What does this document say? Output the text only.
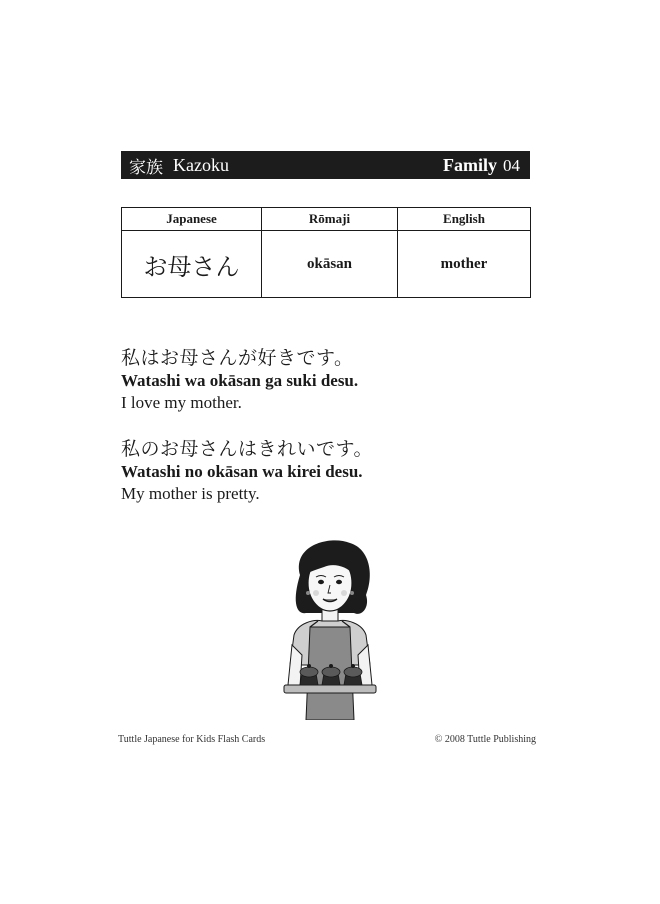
家族 Kazoku	Family 04
Japanese	Rōmaji	English
お母さん	okāsan	mother
私はお母さんが好きです。
Watashi wa okāsan ga suki desu.
I love my mother.
私のお母さんはきれいです。
Watashi no okāsan wa kirei desu.
My mother is pretty.
Tuttle Japanese for Kids Flash Cards	© 2008 Tuttle Publishing
